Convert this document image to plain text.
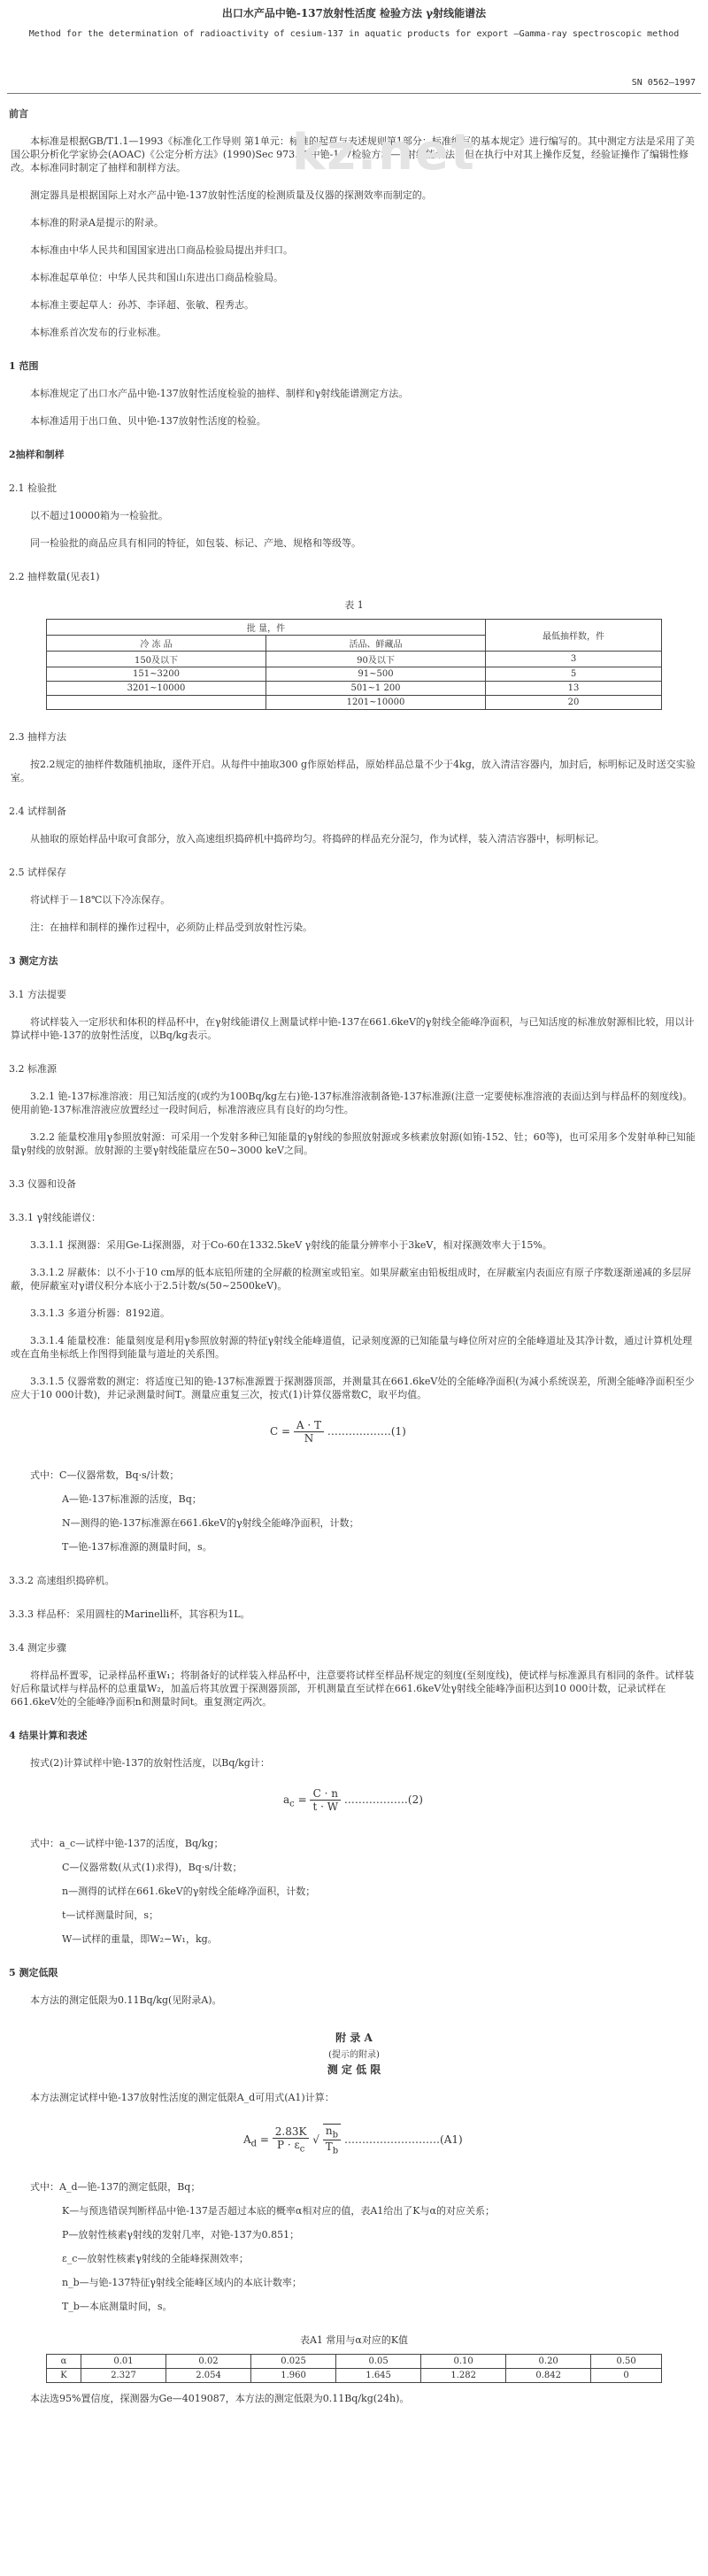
kz.net
出口水产品中铯-137放射性活度 检验方法 γ射线能谱法
Method for the determination of radioactivity of cesium-137 in aquatic products for export —Gamma-ray spectroscopic method
SN 0562—1997
前言
本标准是根据GB/T1.1—1993《标准化工作导则 第1单元：标准的起草与表述规则第1部分：标准编写的基本规定》进行编写的。其中测定方法是采用了美国公职分析化学家协会(AOAC)《公定分析方法》(1990)Sec 973.67中铯-137检验方法—γ射线能谱法，但在执行中对其上操作反复，经验证操作了编辑性修改。本标准同时制定了抽样和制样方法。
测定器具是根据国际上对水产品中铯-137放射性活度的检测质量及仪器的探测效率而制定的。
本标准的附录A是提示的附录。
本标准由中华人民共和国国家进出口商品检验局提出并归口。
本标准起草单位：中华人民共和国山东进出口商品检验局。
本标准主要起草人：孙苏、李译超、张敏、程秀志。
本标准系首次发布的行业标准。
1 范围
本标准规定了出口水产品中铯-137放射性活度检验的抽样、制样和γ射线能谱测定方法。
本标准适用于出口鱼、贝中铯-137放射性活度的检验。
2抽样和制样
2.1 检验批
以不超过10000箱为一检验批。
同一检验批的商品应具有相同的特征，如包装、标记、产地、规格和等级等。
2.2 抽样数量(见表1)
表 1
批 量，件		最低抽样数，件
冷 冻 品	活品、鲜藏品	
150及以下	90及以下	3
151~3200	91~500	5
3201~10000	501~1 200	13
	1201~10000	20
2.3 抽样方法
按2.2规定的抽样件数随机抽取，逐件开启。从每件中抽取300 g作原始样品，原始样品总量不少于4kg，放入清洁容器内，加封后，标明标记及时送交实验室。
2.4 试样制备
从抽取的原始样品中取可食部分，放入高速组织捣碎机中捣碎均匀。将捣碎的样品充分混匀，作为试样，装入清洁容器中，标明标记。
2.5 试样保存
将试样于－18℃以下冷冻保存。
注：在抽样和制样的操作过程中，必须防止样品受到放射性污染。
3 测定方法
3.1 方法提要
将试样装入一定形状和体积的样品杯中，在γ射线能谱仪上测量试样中铯-137在661.6keV的γ射线全能峰净面积，与已知活度的标准放射源相比较，用以计算试样中铯-137的放射性活度，以Bq/kg表示。
3.2 标准源
3.2.1 铯-137标准溶液：用已知活度的(或约为100Bq/kg左右)铯-137标准溶液制备铯-137标准源(注意一定要使标准溶液的表面达到与样品杯的刻度线)。使用前铯-137标准溶液应放置经过一段时间后，标准溶液应具有良好的均匀性。
3.2.2 能量校准用γ参照放射源：可采用一个发射多种已知能量的γ射线的参照放射源或多核素放射源(如铕-152、钍；60等)，也可采用多个发射单种已知能量γ射线的放射源。放射源的主要γ射线能量应在50~3000 keV之间。
3.3 仪器和设备
3.3.1 γ射线能谱仪：
3.3.1.1 探测器：采用Ge-Li探测器，对于Co-60在1332.5keV γ射线的能量分辨率小于3keV，相对探测效率大于15%。
3.3.1.2 屏蔽体：以不小于10 cm厚的低本底铅所建的全屏蔽的检测室或铅室。如果屏蔽室由铅板组成时，在屏蔽室内表面应有原子序数逐渐递减的多层屏蔽，使屏蔽室对γ谱仪积分本底小于2.5计数/s(50~2500keV)。
3.3.1.3 多道分析器：8192道。
3.3.1.4 能量校准：能量刻度是利用γ参照放射源的特征γ射线全能峰道值，记录刻度源的已知能量与峰位所对应的全能峰道址及其净计数，通过计算机处理或在直角坐标纸上作图得到能量与道址的关系图。
3.3.1.5 仪器常数的测定：将适度已知的铯-137标准源置于探测器顶部，并测量其在661.6keV处的全能峰净面积(为减小系统误差，所测全能峰净面积至少应大于10 000计数)，并记录测量时间T。测量应重复三次，按式(1)计算仪器常数C，取平均值。
$C = \frac{A \cdot T}{N}$ ………………(1)
式中：C—仪器常数，Bq·s/计数；
A—铯-137标准源的活度，Bq；
N—测得的铯-137标准源在661.6keV的γ射线全能峰净面积，计数；
T—铯-137标准源的测量时间，s。
3.3.2 高速组织捣碎机。
3.3.3 样品杯：采用圆柱的Marinelli杯，其容积为1L。
3.4 测定步骤
将样品杯置零，记录样品杯重W₁；将制备好的试样装入样品杯中，注意要将试样至样品杯规定的刻度(至刻度线)，使试样与标准源具有相同的条件。试样装好后称量试样与样品杯的总重量W₂，加盖后将其放置于探测器顶部，开机测量直至试样在661.6keV处γ射线全能峰净面积达到10 000计数，记录试样在661.6keV处的全能峰净面积n和测量时间t。重复测定两次。
4 结果计算和表述
按式(2)计算试样中铯-137的放射性活度，以Bq/kg计：
$a_c = \frac{C \cdot n}{t \cdot W}$ ………………(2)
式中：a_c—试样中铯-137的活度，Bq/kg；
C—仪器常数(从式(1)求得)，Bq·s/计数；
n—测得的试样在661.6keV的γ射线全能峰净面积，计数；
t—试样测量时间，s；
W—试样的重量，即W₂−W₁，kg。
5 测定低限
本方法的测定低限为0.11Bq/kg(见附录A)。
附 录 A
(提示的附录)
测 定 低 限
本方法测定试样中铯-137放射性活度的测定低限A_d可用式(A1)计算：
$A_d = \frac{2.83K}{P \cdot \varepsilon_c}$ √ $\frac{n_b}{T_b}$ ………………………(A1)
式中：A_d—铯-137的测定低限，Bq；
K—与预选错误判断样品中铯-137是否超过本底的概率α相对应的值，表A1给出了K与α的对应关系；
P—放射性核素γ射线的发射几率，对铯-137为0.851；
ε_c—放射性核素γ射线的全能峰探测效率；
n_b—与铯-137特征γ射线全能峰区域内的本底计数率；
T_b—本底测量时间，s。
表A1 常用与α对应的K值
α	0.01	0.02	0.025	0.05	0.10	0.20	0.50
K	2.327	2.054	1.960	1.645	1.282	0.842	0
本法选95%置信度，探测器为Ge—4019087，本方法的测定低限为0.11Bq/kg(24h)。
